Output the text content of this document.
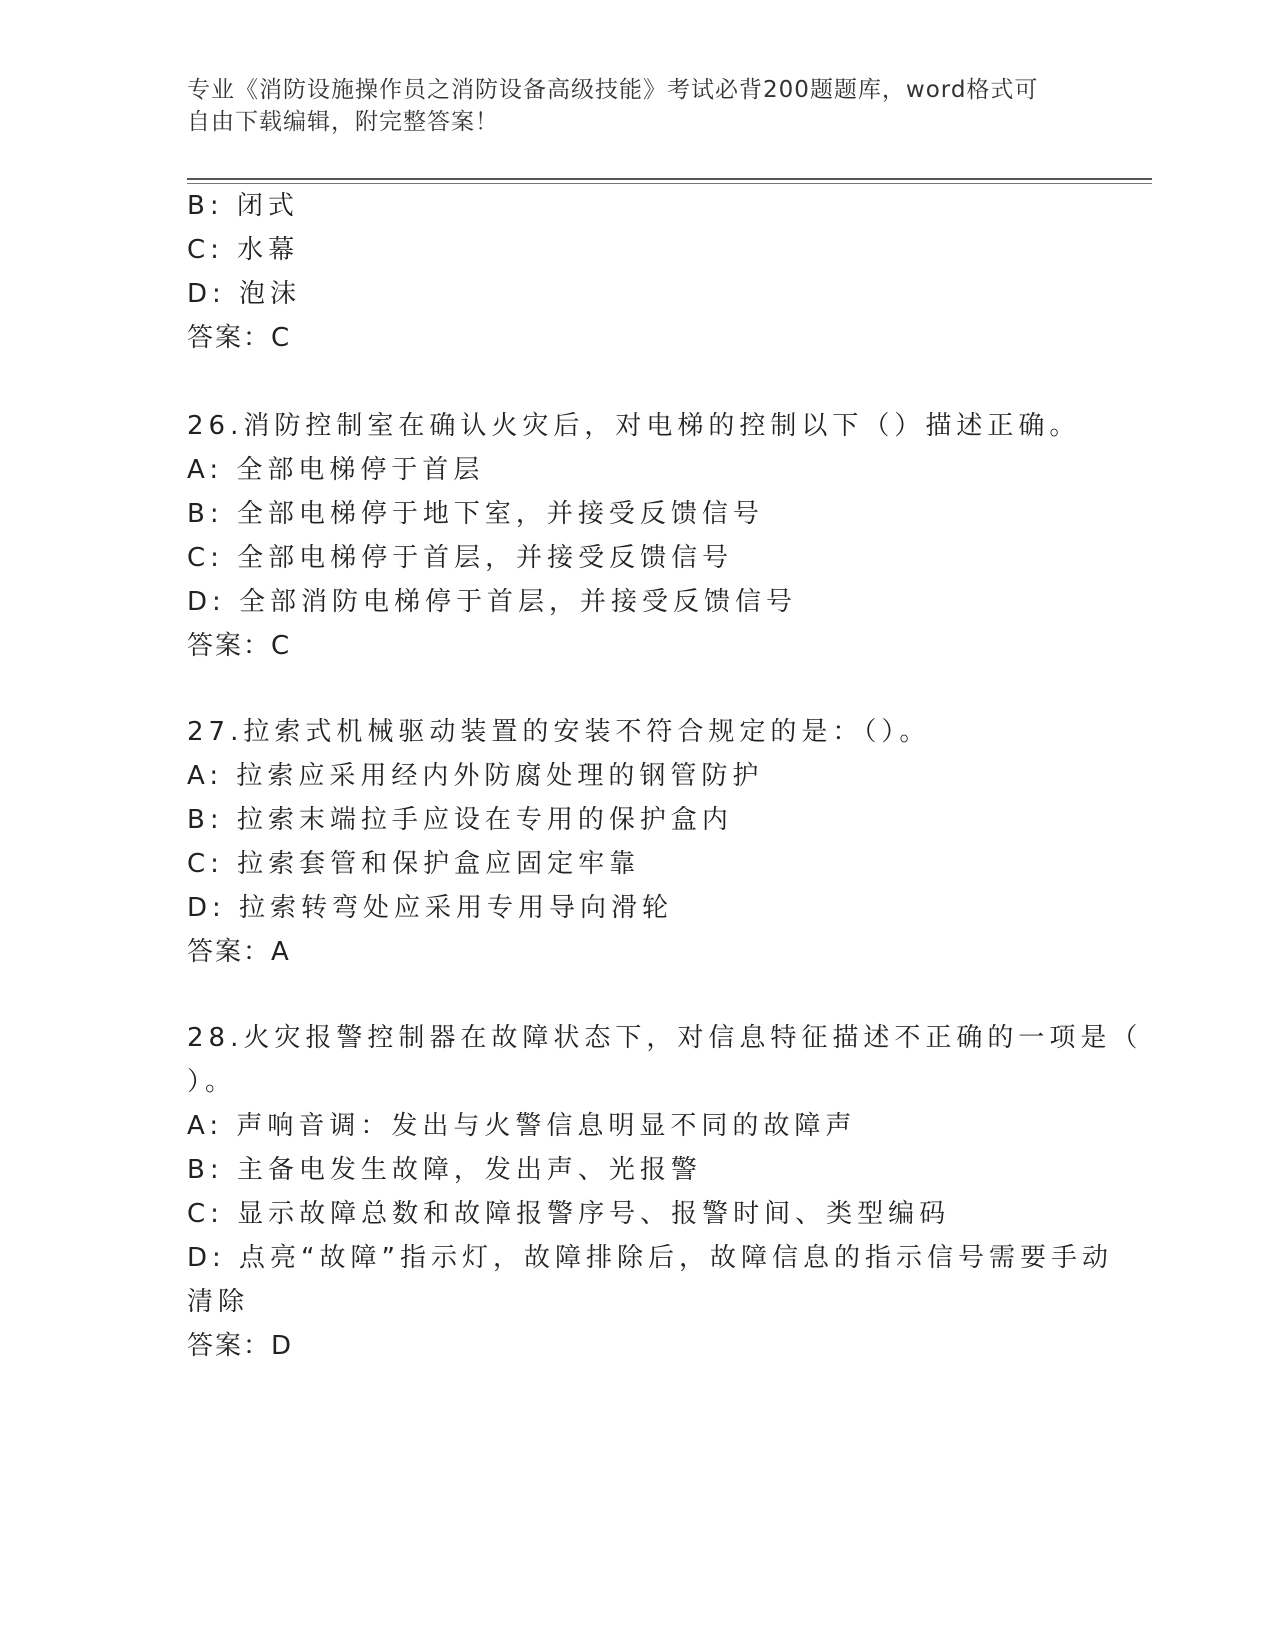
专业《消防设施操作员之消防设备高级技能》考试必背200题题库，word格式可
自由下载编辑，附完整答案！
B: 闭式
C: 水幕
D: 泡沫
答案：C
26.消防控制室在确认火灾后，对电梯的控制以下（）描述正确。
A: 全部电梯停于首层
B: 全部电梯停于地下室，并接受反馈信号
C: 全部电梯停于首层，并接受反馈信号
D: 全部消防电梯停于首层，并接受反馈信号
答案：C
27.拉索式机械驱动装置的安装不符合规定的是：（）。
A: 拉索应采用经内外防腐处理的钢管防护
B: 拉索末端拉手应设在专用的保护盒内
C: 拉索套管和保护盒应固定牢靠
D: 拉索转弯处应采用专用导向滑轮
答案：A
28.火灾报警控制器在故障状态下，对信息特征描述不正确的一项是（
）。
A: 声响音调：发出与火警信息明显不同的故障声
B: 主备电发生故障，发出声、光报警
C: 显示故障总数和故障报警序号、报警时间、类型编码
D: 点亮“故障”指示灯，故障排除后，故障信息的指示信号需要手动
清除
答案：D
